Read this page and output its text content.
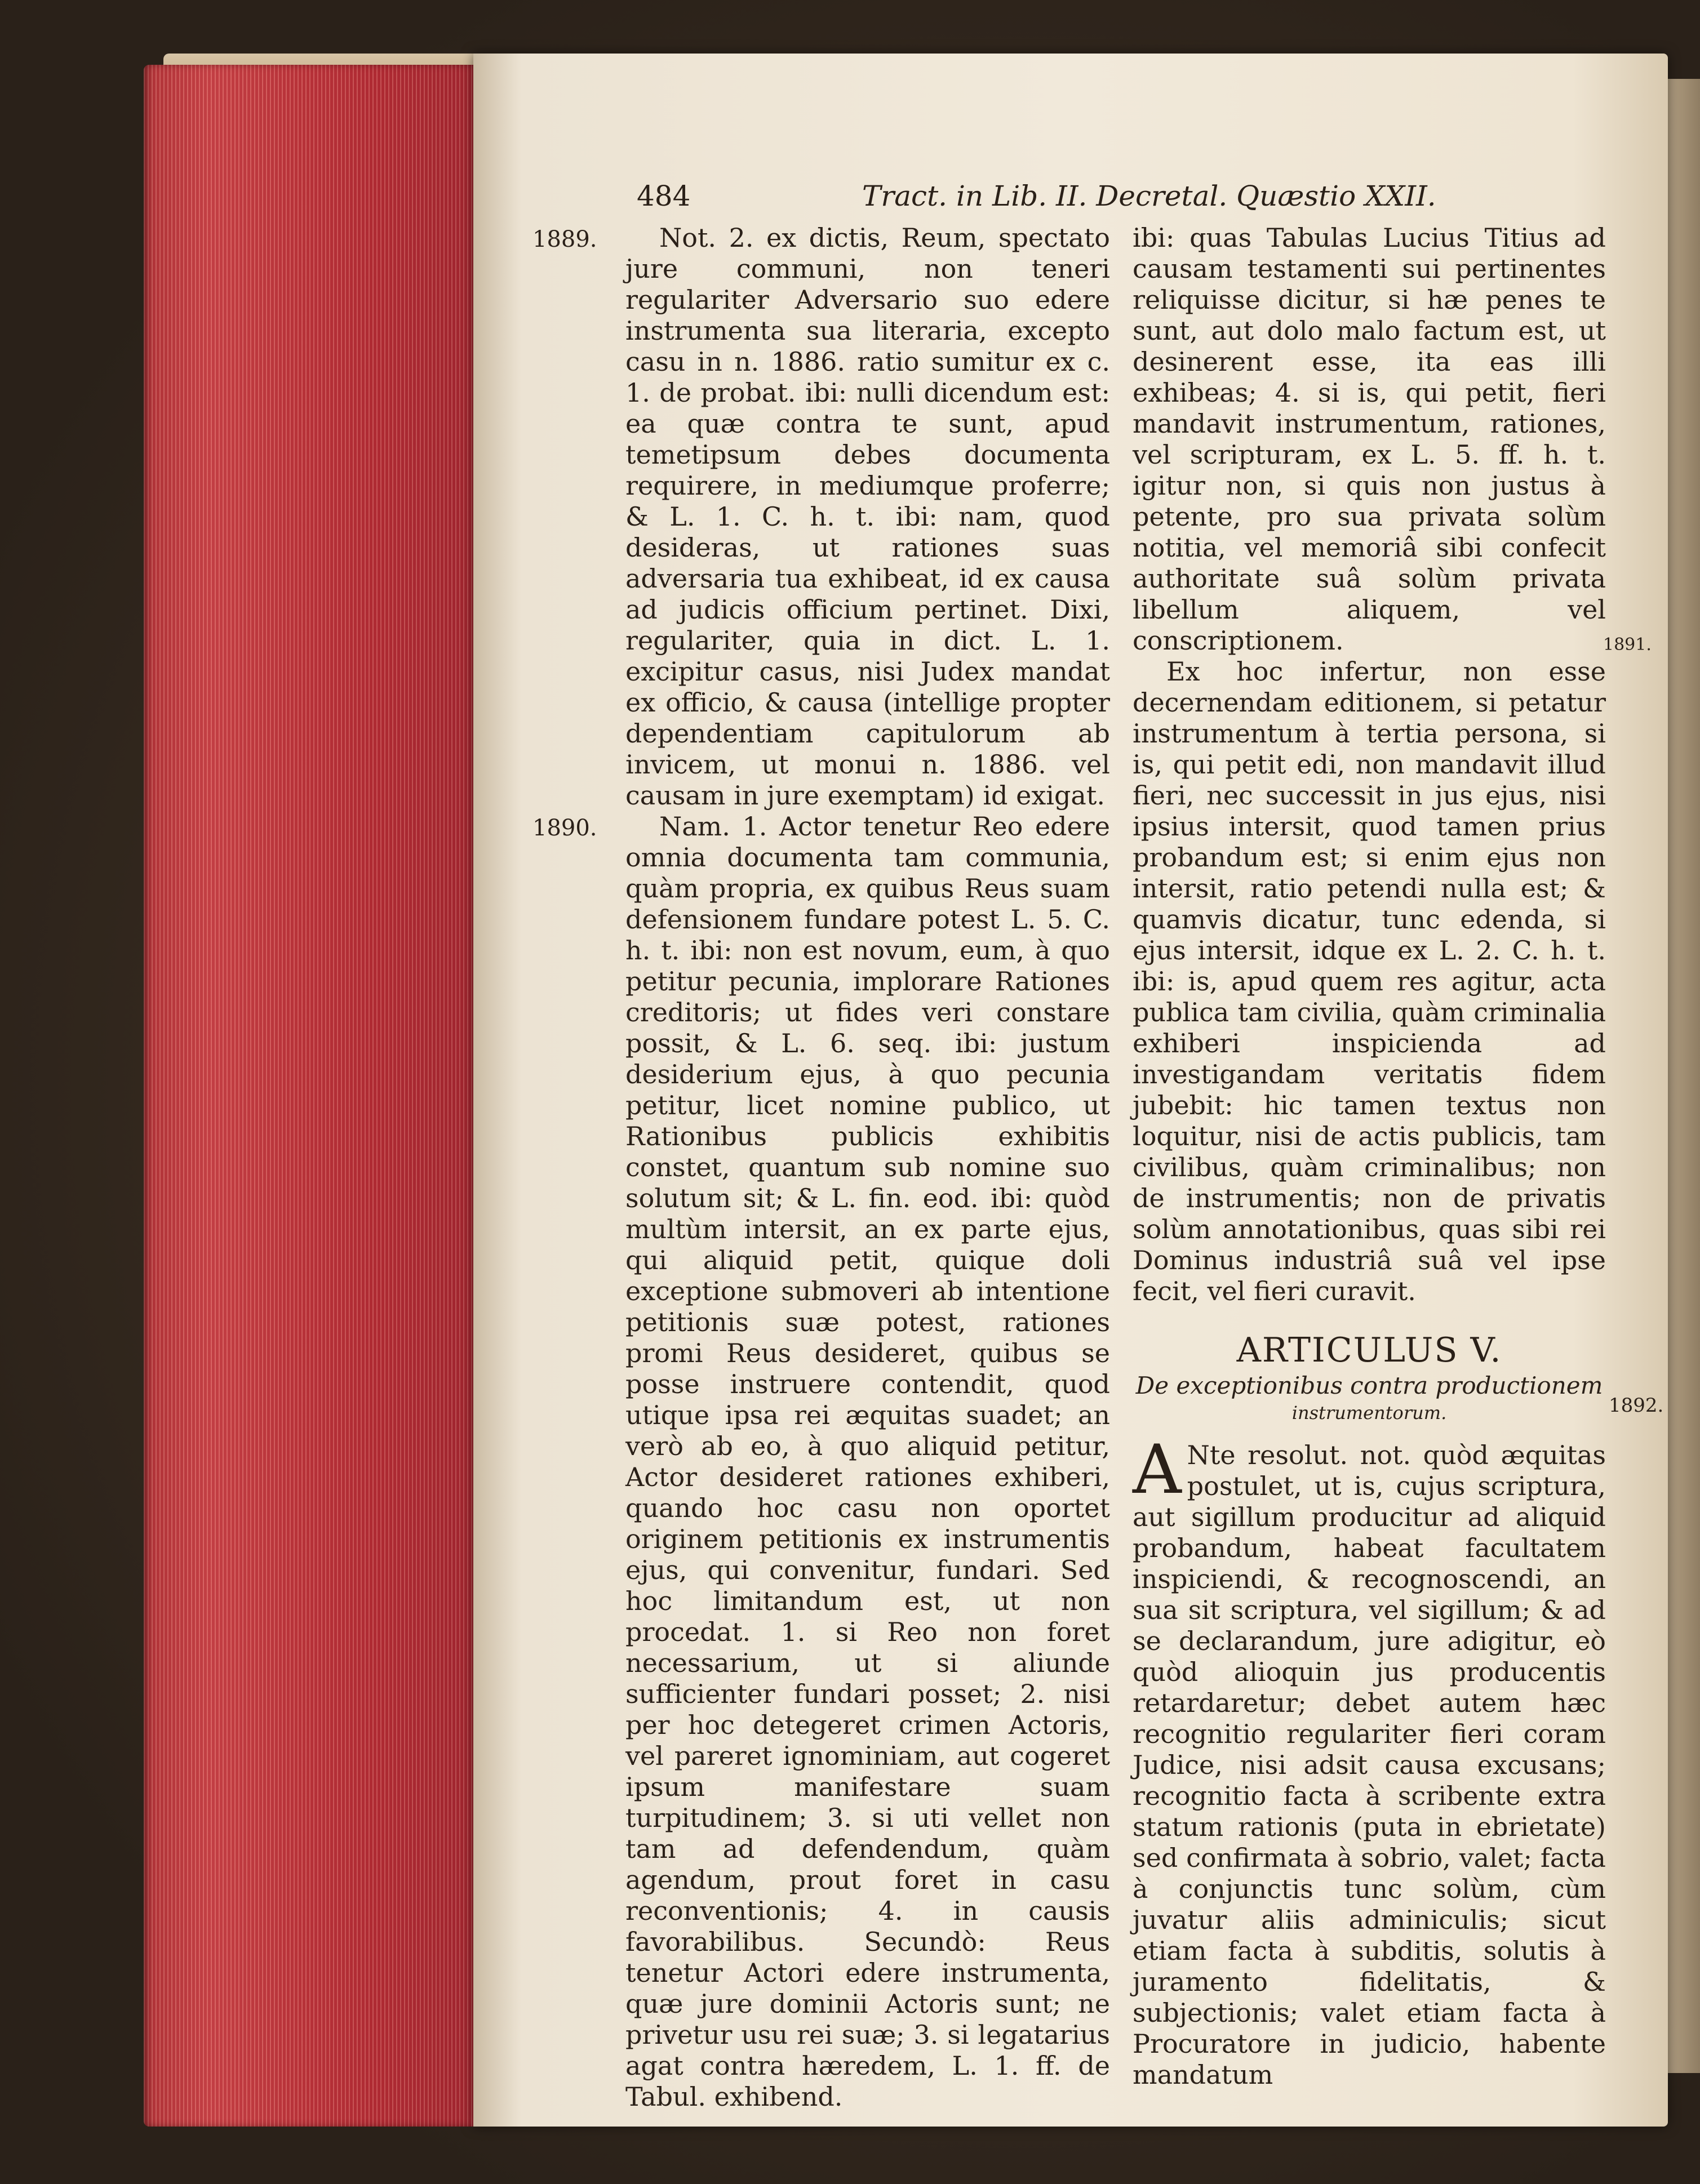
484	Tract. in Lib. II. Decretal. Quæstio XXII.
1889.
1890.
1891.
1892.

Not. 2. ex dictis, Reum, spectato jure communi, non teneri regulariter Adversario suo edere instrumenta sua literaria, excepto casu in n. 1886. ratio sumitur ex c. 1. de probat. ibi: nulli dicendum est: ea quæ contra te sunt, apud temetipsum debes documenta requirere, in mediumque proferre; & L. 1. C. h. t. ibi: nam, quod desideras, ut rationes suas adversaria tua exhibeat, id ex causa ad judicis officium pertinet. Dixi, regulariter, quia in dict. L. 1. excipitur casus, nisi Judex mandat ex officio, & causa (intellige propter dependentiam capitulorum ab invicem, ut monui n. 1886. vel causam in jure exemptam) id exigat.

Nam. 1. Actor tenetur Reo edere omnia documenta tam communia, quàm propria, ex quibus Reus suam defensionem fundare potest L. 5. C. h. t. ibi: non est novum, eum, à quo petitur pecunia, implorare Rationes creditoris; ut fides veri constare possit, & L. 6. seq. ibi: justum desiderium ejus, à quo pecunia petitur, licet nomine publico, ut Rationibus publicis exhibitis constet, quantum sub nomine suo solutum sit; & L. fin. eod. ibi: quòd multùm intersit, an ex parte ejus, qui aliquid petit, quique doli exceptione submoveri ab intentione petitionis suæ potest, rationes promi Reus desideret, quibus se posse instruere contendit, quod utique ipsa rei æquitas suadet; an verò ab eo, à quo aliquid petitur, Actor desideret rationes exhiberi, quando hoc casu non oportet originem petitionis ex instrumentis ejus, qui convenitur, fundari. Sed hoc limitandum est, ut non procedat. 1. si Reo non foret necessarium, ut si aliunde sufficienter fundari posset; 2. nisi per hoc detegeret crimen Actoris, vel pareret ignominiam, aut cogeret ipsum manifestare suam turpitudinem; 3. si uti vellet non tam ad defendendum, quàm agendum, prout foret in casu reconventionis; 4. in causis favorabilibus. Secundò: Reus tenetur Actori edere instrumenta, quæ jure dominii Actoris sunt; ne privetur usu rei suæ; 3. si legatarius agat contra hæredem, L. 1. ff. de Tabul. exhibend.

ibi: quas Tabulas Lucius Titius ad causam testamenti sui pertinentes reliquisse dicitur, si hæ penes te sunt, aut dolo malo factum est, ut desinerent esse, ita eas illi exhibeas; 4. si is, qui petit, fieri mandavit instrumentum, rationes, vel scripturam, ex L. 5. ff. h. t. igitur non, si quis non justus à petente, pro sua privata solùm notitia, vel memoriâ sibi confecit authoritate suâ solùm privata libellum aliquem, vel conscriptionem.

Ex hoc infertur, non esse decernendam editionem, si petatur instrumentum à tertia persona, si is, qui petit edi, non mandavit illud fieri, nec successit in jus ejus, nisi ipsius intersit, quod tamen prius probandum est; si enim ejus non intersit, ratio petendi nulla est; & quamvis dicatur, tunc edenda, si ejus intersit, idque ex L. 2. C. h. t. ibi: is, apud quem res agitur, acta publica tam civilia, quàm criminalia exhiberi inspicienda ad investigandam veritatis fidem jubebit: hic tamen textus non loquitur, nisi de actis publicis, tam civilibus, quàm criminalibus; non de instrumentis; non de privatis solùm annotationibus, quas sibi rei Dominus industriâ suâ vel ipse fecit, vel fieri curavit.

ARTICULUS V.
De exceptionibus contra productionem
instrumentorum.

A Nte resolut. not. quòd æquitas postulet, ut is, cujus scriptura, aut sigillum producitur ad aliquid probandum, habeat facultatem inspiciendi, & recognoscendi, an sua sit scriptura, vel sigillum; & ad se declarandum, jure adigitur, eò quòd alioquin jus producentis retardaretur; debet autem hæc recognitio regulariter fieri coram Judice, nisi adsit causa excusans; recognitio facta à scribente extra statum rationis (puta in ebrietate) sed confirmata à sobrio, valet; facta à conjunctis tunc solùm, cùm juvatur aliis adminiculis; sicut etiam facta à subditis, solutis à juramento fidelitatis, & subjectionis; valet etiam facta à Procuratore in judicio, habente mandatum
